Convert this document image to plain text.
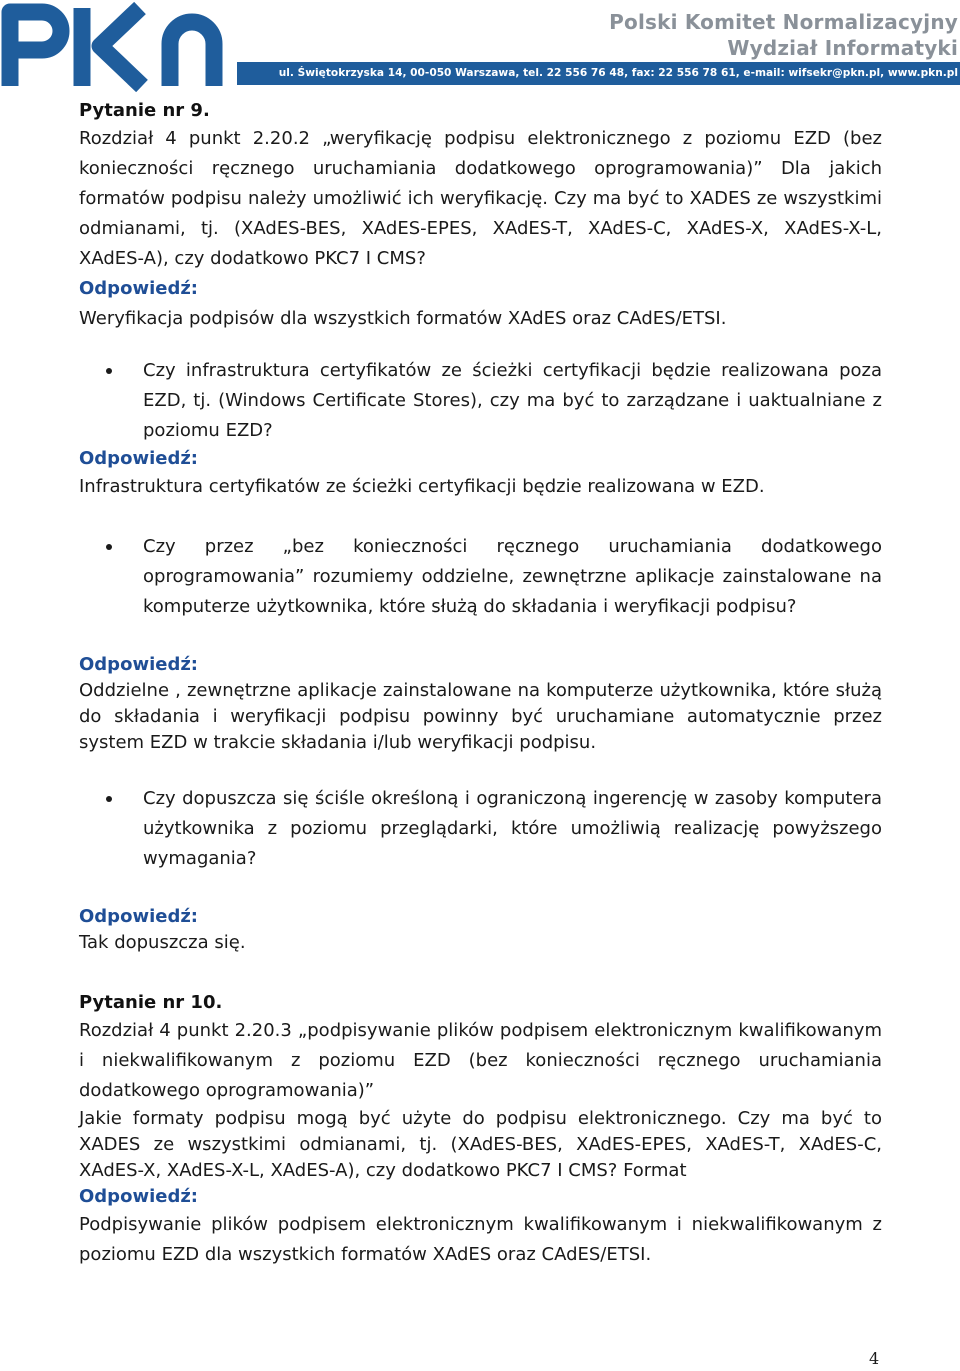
Polski Komitet Normalizacyjny

Wydział Informatyki

ul. Świętokrzyska 14, 00-050 Warszawa, tel. 22 556 76 48, fax: 22 556 78 61, e-mail: wifsekr@pkn.pl, www.pkn.pl

Pytanie nr 9.

Rozdział 4 punkt 2.20.2 „weryfikację podpisu elektronicznego z poziomu EZD (bez konieczności ręcznego uruchamiania dodatkowego oprogramowania)” Dla jakich formatów podpisu należy umożliwić ich weryfikację. Czy ma być to XADES ze wszystkimi odmianami, tj. (XAdES-BES, XAdES-EPES, XAdES-T, XAdES-C, XAdES-X, XAdES-X-L, XAdES-A), czy dodatkowo PKC7 I CMS?

Odpowiedź:

Weryfikacja podpisów dla wszystkich formatów XAdES oraz CAdES/ETSI.

Czy infrastruktura certyfikatów ze ścieżki certyfikacji będzie realizowana poza EZD, tj. (Windows Certificate Stores), czy ma być to zarządzane i uaktualniane z poziomu EZD?

Odpowiedź:

Infrastruktura certyfikatów ze ścieżki certyfikacji będzie realizowana w EZD.

Czy przez „bez konieczności ręcznego uruchamiania dodatkowego oprogramowania” rozumiemy oddzielne, zewnętrzne aplikacje zainstalowane na komputerze użytkownika, które służą do składania i weryfikacji podpisu?

Odpowiedź:

Oddzielne , zewnętrzne aplikacje zainstalowane na komputerze użytkownika, które służą do składania i weryfikacji podpisu powinny być uruchamiane automatycznie przez system EZD w trakcie składania i/lub weryfikacji podpisu.

Czy dopuszcza się ściśle określoną i ograniczoną ingerencję w zasoby komputera użytkownika z poziomu przeglądarki, które umożliwią realizację powyższego wymagania?

Odpowiedź:

Tak dopuszcza się.

Pytanie nr 10.

Rozdział 4 punkt 2.20.3 „podpisywanie plików podpisem elektronicznym kwalifikowanym i niekwalifikowanym z poziomu EZD (bez konieczności ręcznego uruchamiania dodatkowego oprogramowania)”

Jakie formaty podpisu mogą być użyte do podpisu elektronicznego. Czy ma być to XADES ze wszystkimi odmianami, tj. (XAdES-BES, XAdES-EPES, XAdES-T, XAdES-C, XAdES-X, XAdES-X-L, XAdES-A), czy dodatkowo PKC7 I CMS? Format

Odpowiedź:

Podpisywanie plików podpisem elektronicznym kwalifikowanym i niekwalifikowanym z poziomu EZD dla wszystkich formatów XAdES oraz CAdES/ETSI.

4
